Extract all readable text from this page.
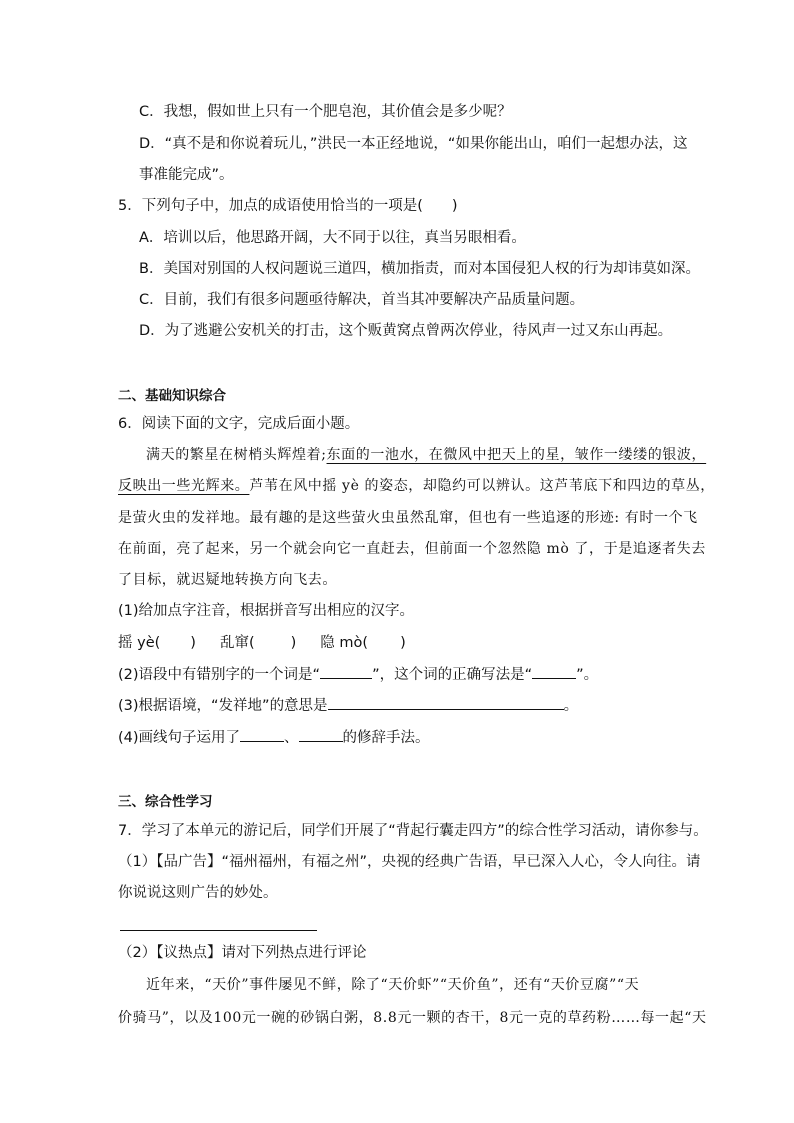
C．我想，假如世上只有一个肥皂泡，其价值会是多少呢？
D．“真不是和你说着玩儿，”洪民一本正经地说，“如果你能出山，咱们一起想办法，这
事准能完成”。
5．下列句子中，加点的成语使用恰当的一项是(　　)
A．培训以后，他思路开阔，大不同于以往，真当另眼相看。
B．美国对别国的人权问题说三道四，横加指责，而对本国侵犯人权的行为却讳莫如深。
C．目前，我们有很多问题亟待解决，首当其冲要解决产品质量问题。
D．为了逃避公安机关的打击，这个贩黄窝点曾两次停业，待风声一过又东山再起。
二、基础知识综合
6．阅读下面的文字，完成后面小题。
满天的繁星在树梢头辉煌着;东面的一池水，在微风中把天上的星，皱作一缕缕的银波，
反映出一些光辉来。芦苇在风中摇 yè 的姿态，却隐约可以辨认。这芦苇底下和四边的草丛，
是萤火虫的发祥地。最有趣的是这些萤火虫虽然乱窜，但也有一些追逐的形迹: 有时一个飞
在前面，亮了起来，另一个就会向它一直赶去，但前面一个忽然隐 mò 了，于是追逐者失去
了目标，就迟疑地转换方向飞去。
(1)给加点字注音，根据拼音写出相应的汉字。
摇 yè( ) 乱窜( ) 隐 mò( )
(2)语段中有错别字的一个词是“	”，这个词的正确写法是“	”。
(3)根据语境，“发祥地”的意思是	。
(4)画线句子运用了	、	的修辞手法。
三、综合性学习
7．学习了本单元的游记后，同学们开展了“背起行囊走四方”的综合性学习活动，请你参与。
（1）【品广告】“福州福州，有福之州”，央视的经典广告语，早已深入人心，令人向往。请
你说说这则广告的妙处。
（2）【议热点】请对下列热点进行评论
近年来，“天价”事件屡见不鲜，除了“天价虾”“天价鱼”，还有“天价豆腐”“天
价骑马”，以及100元一碗的砂锅白粥，8.8元一颗的杏干，8元一克的草药粉……每一起“天
